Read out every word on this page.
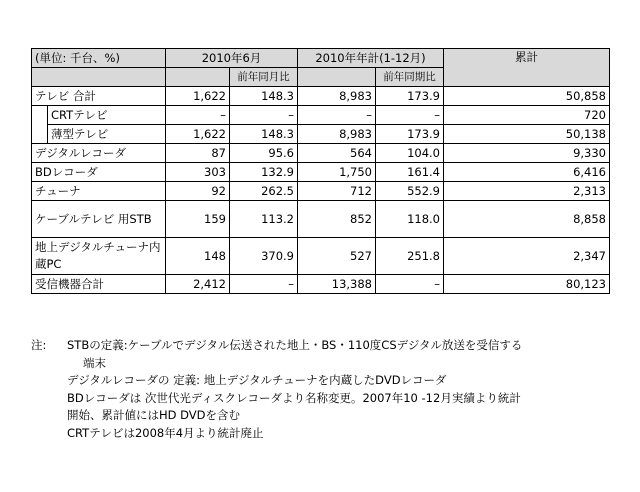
(単位: 千台、%)		2010年6月		2010年年計(1-12月)		累計
			前年同月比		前年同期比	
テレビ 合計		1,622	148.3	8,983	173.9	50,858
	CRTテレビ	–	–	–	–	720
	薄型テレビ	1,622	148.3	8,983	173.9	50,138
デジタルレコーダ		87	95.6	564	104.0	9,330
BDレコーダ		303	132.9	1,750	161.4	6,416
チューナ		92	262.5	712	552.9	2,313
ケーブルテレビ 用STB		159	113.2	852	118.0	8,858
地上デジタルチューナ内蔵PC		148	370.9	527	251.8	2,347
受信機器合計		2,412	–	13,388	–	80,123
注:	STBの定義:ケーブルでデジタル伝送された地上・BS・110度CSデジタル放送を受信する
端末
デジタルレコーダの 定義: 地上デジタルチューナを内蔵したDVDレコーダ
BDレコーダは 次世代光ディスクレコーダより名称変更。2007年10 -12月実績より統計
開始、累計値にはHD DVDを含む
CRTテレビは2008年4月より統計廃止
